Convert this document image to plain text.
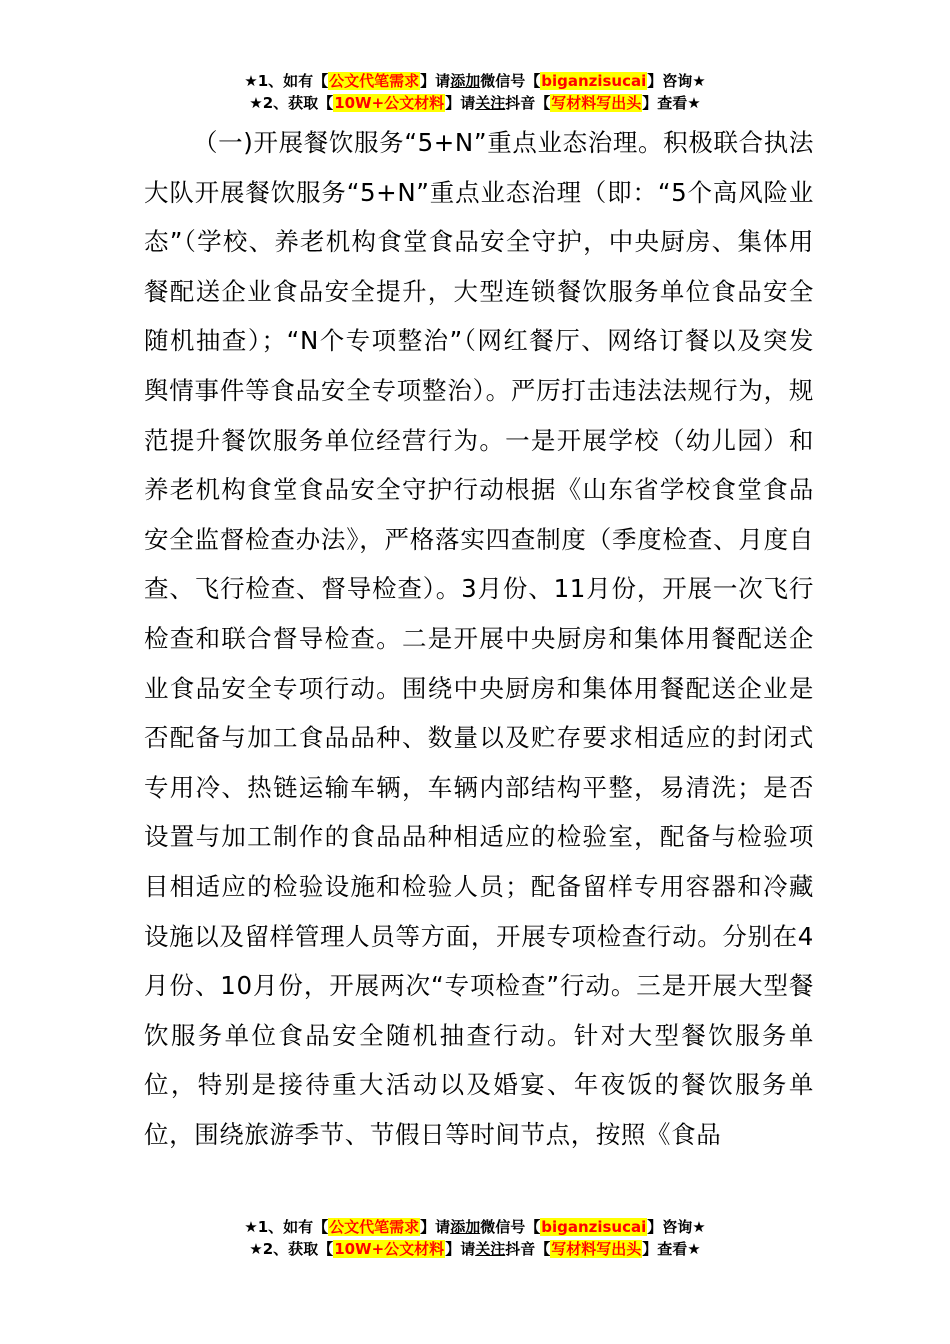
★1、如有【公文代笔需求】请添加微信号【biganzisucai】咨询★
★2、获取【10W+公文材料】请关注抖音【写材料写出头】查看★

（一)开展餐饮服务“5+N”重点业态治理。积极联合执法大队开展餐饮服务“5+N”重点业态治理（即：“5个高风险业态”（学校、养老机构食堂食品安全守护，中央厨房、集体用餐配送企业食品安全提升，大型连锁餐饮服务单位食品安全随机抽查）；“N个专项整治”（网红餐厅、网络订餐以及突发舆情事件等食品安全专项整治）。严厉打击违法法规行为，规范提升餐饮服务单位经营行为。一是开展学校（幼儿园）和养老机构食堂食品安全守护行动根据《山东省学校食堂食品安全监督检查办法》，严格落实四查制度（季度检查、月度自查、飞行检查、督导检查）。3月份、11月份，开展一次飞行检查和联合督导检查。二是开展中央厨房和集体用餐配送企业食品安全专项行动。围绕中央厨房和集体用餐配送企业是否配备与加工食品品种、数量以及贮存要求相适应的封闭式专用冷、热链运输车辆，车辆内部结构平整，易清洗；是否设置与加工制作的食品品种相适应的检验室，配备与检验项目相适应的检验设施和检验人员；配备留样专用容器和冷藏设施以及留样管理人员等方面，开展专项检查行动。分别在4月份、10月份，开展两次“专项检查”行动。三是开展大型餐饮服务单位食品安全随机抽查行动。针对大型餐饮服务单位，特别是接待重大活动以及婚宴、年夜饭的餐饮服务单位，围绕旅游季节、节假日等时间节点，按照《食品

★1、如有【公文代笔需求】请添加微信号【biganzisucai】咨询★
★2、获取【10W+公文材料】请关注抖音【写材料写出头】查看★
